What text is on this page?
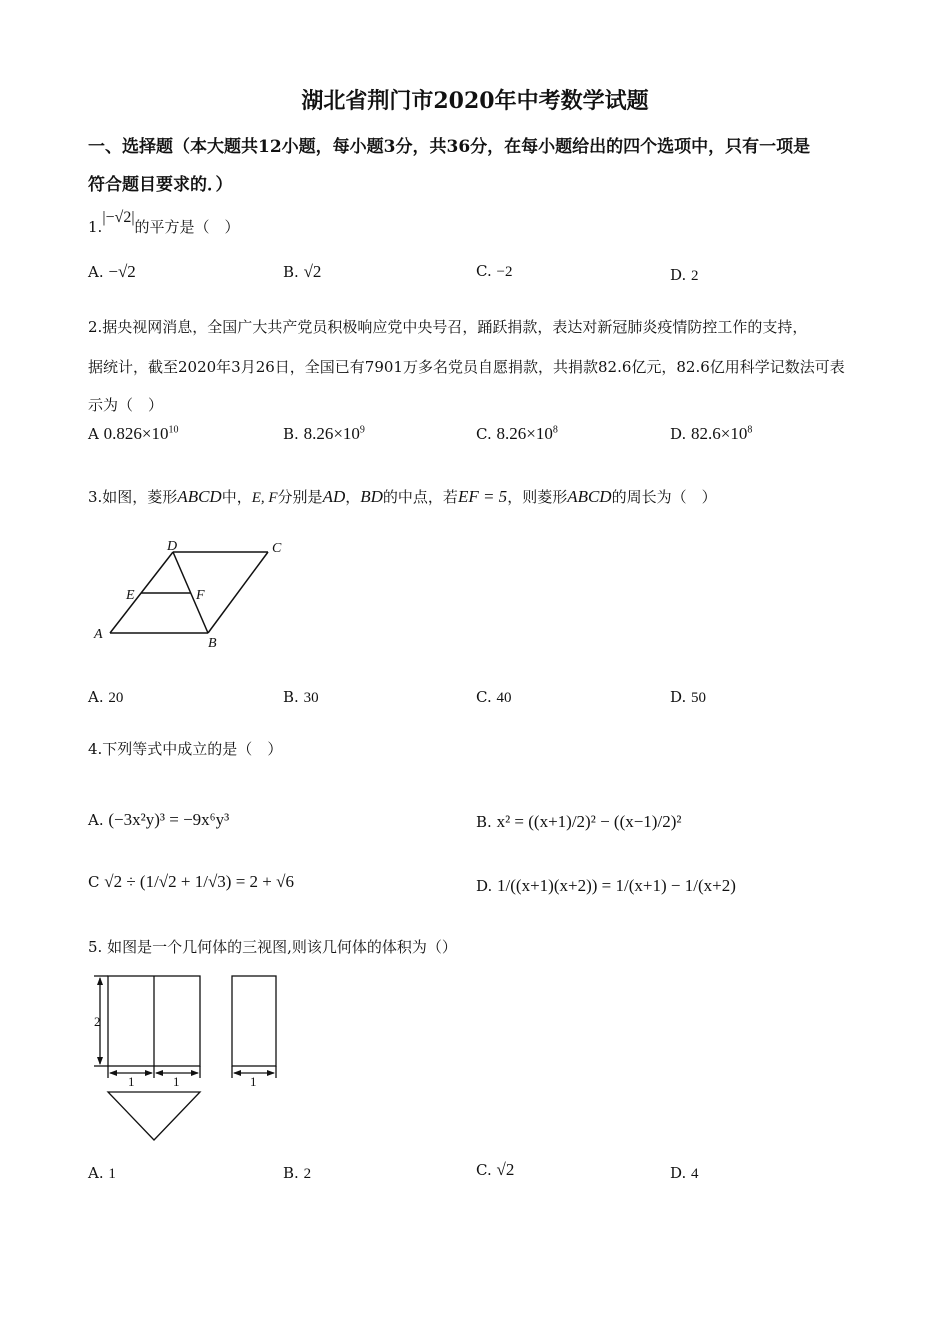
湖北省荆门市2020年中考数学试题
一、选择题（本大题共12小题，每小题3分，共36分，在每小题给出的四个选项中，只有一项是
符合题目要求的．）
1.|−√2|的平方是（　）
A. −√2	B. √2	C. −2	D. 2
2.据央视网消息，全国广大共产党员积极响应党中央号召，踊跃捐款，表达对新冠肺炎疫情防控工作的支持，
据统计，截至2020年3月26日，全国已有7901万多名党员自愿捐款，共捐款82.6亿元，82.6亿用科学记数法可表
示为（　）
A $0.826\times 10^{10}$	B. $8.26\times 10^9$	C. $8.26\times 10^8$	D. $82.6\times 10^8$
3.如图，菱形ABCD中，E, F分别是AD，BD的中点，若EF = 5，则菱形ABCD的周长为（　）
A
B
C
D
E	F
A. 20	B. 30	C. 40	D. 50
4.下列等式中成立的是（　）
A. (−3x²y)³ = −9x⁶y³	B. x² = ((x+1)/2)² − ((x−1)/2)²
C √2 ÷ (1/√2 + 1/√3) = 2 + √6	D. 1/((x+1)(x+2)) = 1/(x+1) − 1/(x+2)
5. 如图是一个几何体的三视图,则该几何体的体积为（）
2
1	1	1
A. 1	B. 2	C. √2	D. 4
